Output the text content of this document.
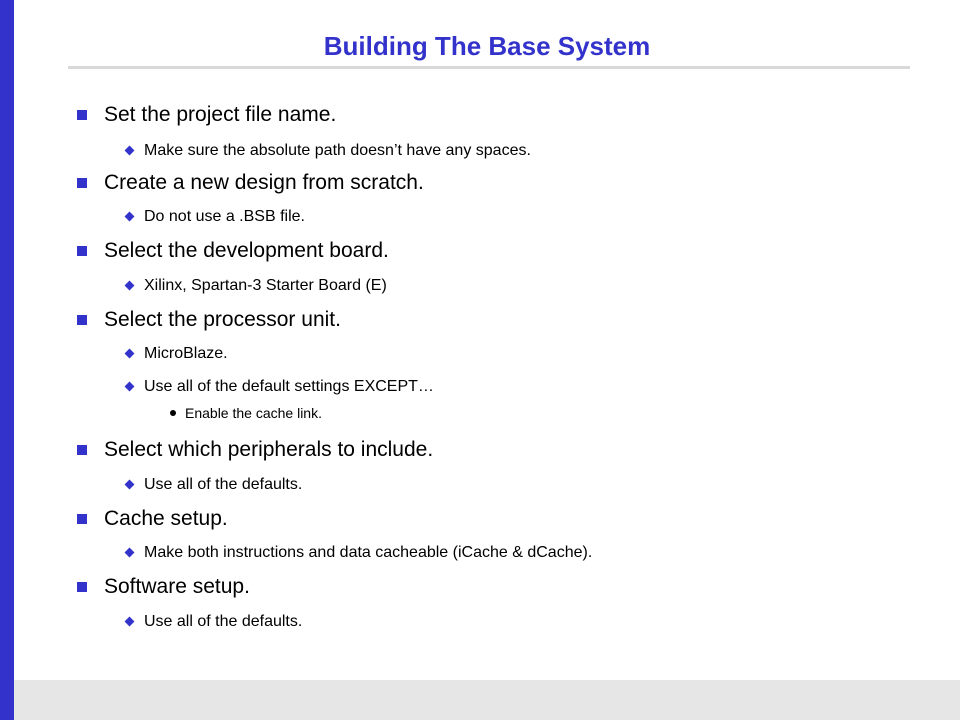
Building The Base System

Set the project file name.

Make sure the absolute path doesn’t have any spaces.

Create a new design from scratch.

Do not use a .BSB file.

Select the development board.

Xilinx, Spartan-3 Starter Board (E)

Select the processor unit.

MicroBlaze.

Use all of the default settings EXCEPT…

Enable the cache link.

Select which peripherals to include.

Use all of the defaults.

Cache setup.

Make both instructions and data cacheable (iCache & dCache).

Software setup.

Use all of the defaults.
